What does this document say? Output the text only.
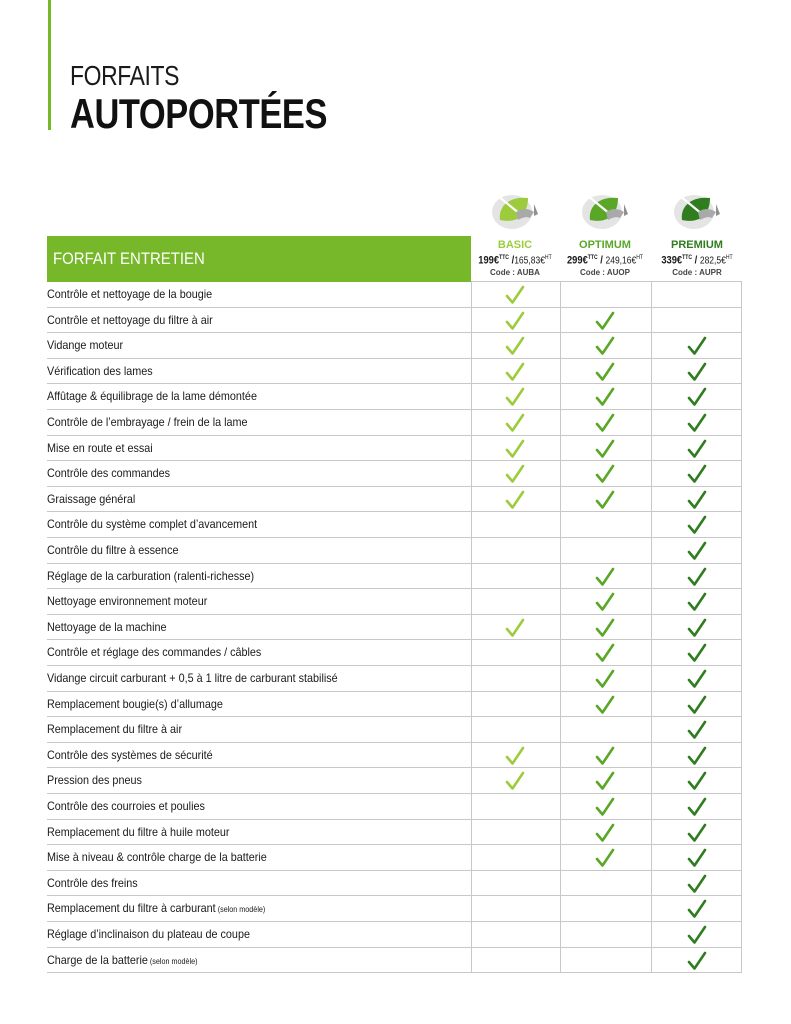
FORFAITS
AUTOPORTÉES
FORFAIT ENTRETIEN
BASIC
199€$^{TTC}$ /165,83€$^{HT}$
Code : AUBA
OPTIMUM
299€$^{TTC}$ / 249,16€$^{HT}$
Code : AUOP
PREMIUM
339€$^{TTC}$ / 282,5€$^{HT}$
Code : AUPR
Contrôle et nettoyage de la bougie
Contrôle et nettoyage du filtre à air
Vidange moteur
Vérification des lames
Affûtage & équilibrage de la lame démontée
Contrôle de l’embrayage / frein de la lame
Mise en route et essai
Contrôle des commandes
Graissage général
Contrôle du système complet d’avancement
Contrôle du filtre à essence
Réglage de la carburation (ralenti-richesse)
Nettoyage environnement moteur
Nettoyage de la machine
Contrôle et réglage des commandes / câbles
Vidange circuit carburant + 0,5 à 1 litre de carburant stabilisé
Remplacement bougie(s) d’allumage
Remplacement du filtre à air
Contrôle des systèmes de sécurité
Pression des pneus
Contrôle des courroies et poulies
Remplacement du filtre à huile moteur
Mise à niveau & contrôle charge de la batterie
Contrôle des freins
Remplacement du filtre à carburant (selon modèle)
Réglage d’inclinaison du plateau de coupe
Charge de la batterie (selon modèle)
